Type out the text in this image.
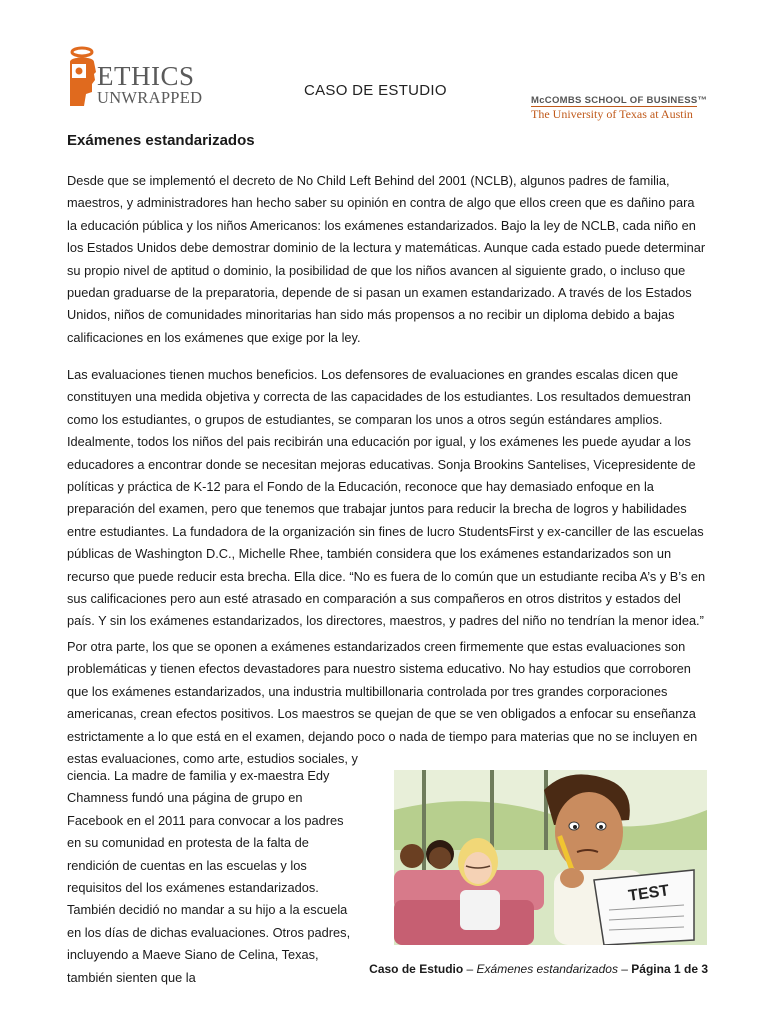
ETHICS
UNWRAPPED	CASO DE ESTUDIO
McCOMBS SCHOOL OF BUSINESS™
The University of Texas at Austin
Exámenes estandarizados

Desde que se implementó el decreto de No Child Left Behind del 2001 (NCLB), algunos padres de familia, maestros, y administradores han hecho saber su opinión en contra de algo que ellos creen que es dañino para la educación pública y los niños Americanos: los exámenes estandarizados. Bajo la ley de NCLB, cada niño en los Estados Unidos debe demostrar dominio de la lectura y matemáticas. Aunque cada estado puede determinar su propio nivel de aptitud o dominio, la posibilidad de que los niños avancen al siguiente grado, o incluso que puedan graduarse de la preparatoria, depende de si pasan un examen estandarizado. A través de los Estados Unidos, niños de comunidades minoritarias han sido más propensos a no recibir un diploma debido a bajas calificaciones en los exámenes que exige por la ley.

Las evaluaciones tienen muchos beneficios. Los defensores de evaluaciones en grandes escalas dicen que constituyen una medida objetiva y correcta de las capacidades de los estudiantes. Los resultados demuestran como los estudiantes, o grupos de estudiantes, se comparan los unos a otros según estándares amplios. Idealmente, todos los niños del pais recibirán una educación por igual, y los exámenes les puede ayudar a los educadores a encontrar donde se necesitan mejoras educativas. Sonja Brookins Santelises, Vicepresidente de políticas y práctica de K-12 para el Fondo de la Educación, reconoce que hay demasiado enfoque en la preparación del examen, pero que tenemos que trabajar juntos para reducir la brecha de logros y habilidades entre estudiantes. La fundadora de la organización sin fines de lucro StudentsFirst y ex-canciller de las escuelas públicas de Washington D.C., Michelle Rhee, también considera que los exámenes estandarizados son un recurso que puede reducir esta brecha. Ella dice. “No es fuera de lo común que un estudiante reciba A’s y B’s en sus calificaciones pero aun esté atrasado en comparación a sus compañeros en otros distritos y estados del país. Y sin los exámenes estandarizados, los directores, maestros, y padres del niño no tendrían la menor idea.”

Por otra parte, los que se oponen a exámenes estandarizados creen firmemente que estas evaluaciones son problemáticas y tienen efectos devastadores para nuestro sistema educativo. No hay estudios que corroboren que los exámenes estandarizados, una industria multibillonaria controlada por tres grandes corporaciones americanas, crean efectos positivos. Los maestros se quejan de que se ven obligados a enfocar su enseñanza estrictamente a lo que está en el examen, dejando poco o nada de tiempo para materias que no se incluyen en estas evaluaciones, como arte, estudios sociales, y

ciencia. La madre de familia y ex-maestra Edy Chamness fundó una página de grupo en Facebook en el 2011 para convocar a los padres en su comunidad en protesta de la falta de rendición de cuentas en las escuelas y los requisitos del los exámenes estandarizados. También decidió no mandar a su hijo a la escuela en los días de dichas evaluaciones. Otros padres, incluyendo a Maeve Siano de Celina, Texas, también sienten que la

TEST
Caso de Estudio – Exámenes estandarizados – Página 1 de 3
